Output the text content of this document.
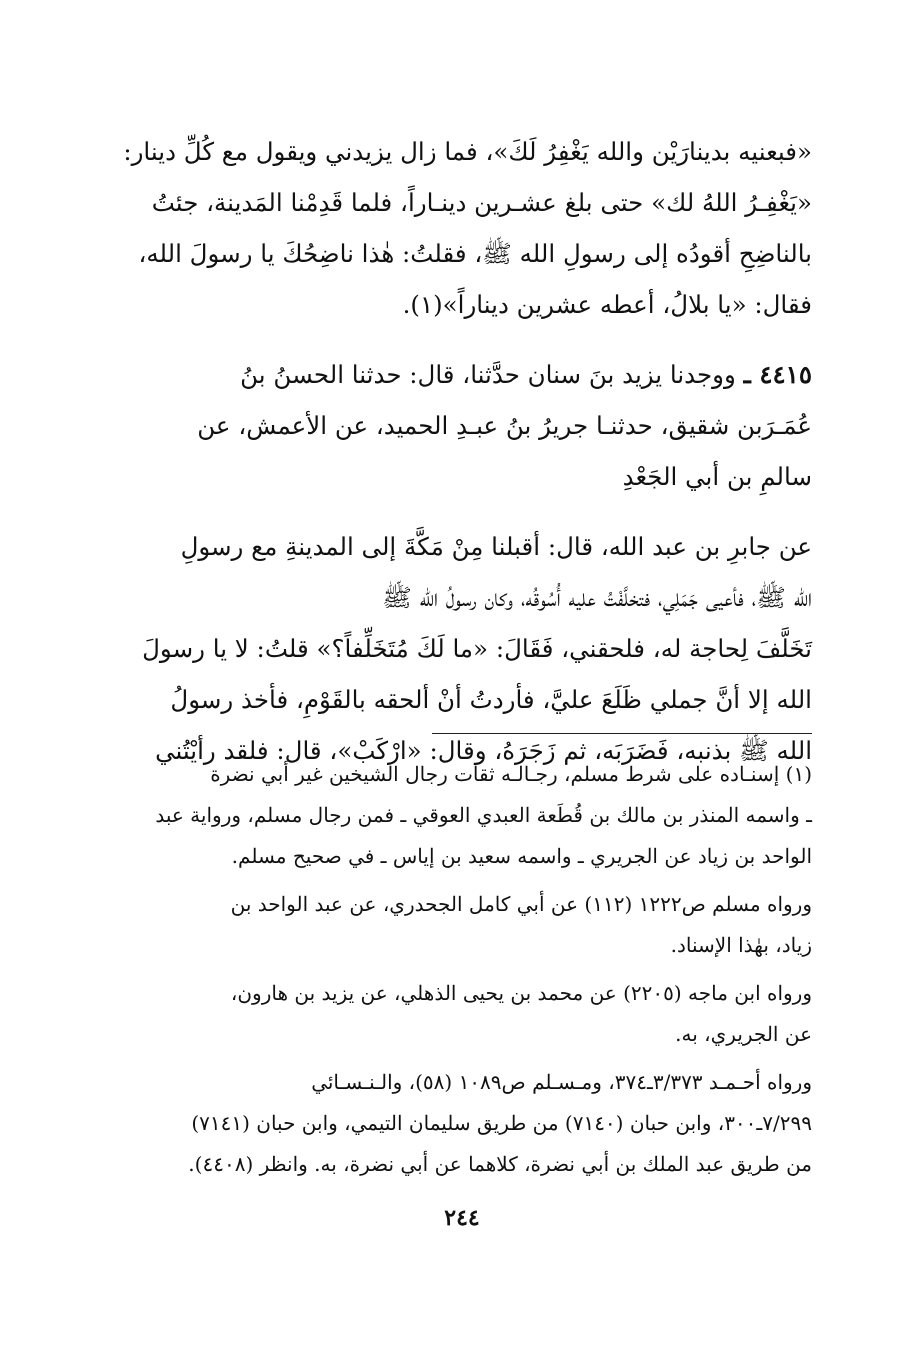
«فبعنيه بدينارَيْن والله يَغْفِرُ لَكَ»، فما زال يزيدني ويقول مع كُلِّ دينار:
«يَغْفِـرُ اللهُ لك» حتى بلغ عشـرين دينـاراً، فلما قَدِمْنا المَدينة، جئتُ
بالناضِحِ أقودُه إلى رسولِ الله ﷺ، فقلتُ: هٰذا ناضِحُكَ يا رسولَ الله،
فقال: «يا بلالُ، أعطه عشرين ديناراً»(١).

٤٤١٥ ـ ووجدنا يزيد بنَ سنان حدَّثنا، قال: حدثنا الحسنُ بنُ
عُمَـرَبن شقيق، حدثنـا جريرُ بنُ عبـدِ الحميد، عن الأعمش، عن
سالمِ بن أبي الجَعْدِ

عن جابرِ بن عبد الله، قال: أقبلنا مِنْ مَكَّةَ إلى المدينةِ مع رسولِ
الله ﷺ، فأعيى جَمَلِي، فتخلَّفْتُ عليه أُسُوقُه، وكان رسولُ الله ﷺ
تَخَلَّفَ لِحاجة له، فلحقني، فَقَالَ: «ما لَكَ مُتَخَلِّفاً؟» قلتُ: لا يا رسولَ
الله إلا أنَّ جملي ظَلَعَ عليَّ، فأردتُ أنْ ألحقه بالقَوْمِ، فأخذ رسولُ
الله ﷺ بذنبه، فَضَرَبَه، ثم زَجَرَهُ، وقال: «ارْكَبْ»، قال: فلقد رأيْتُني

(١) إسنـاده على شرط مسلم، رجـالـه ثقات رجال الشيخين غير أبي نضرة
ـ واسمه المنذر بن مالك بن قُطَعة العبدي العوقي ـ فمن رجال مسلم، ورواية عبد
الواحد بن زياد عن الجريري ـ واسمه سعيد بن إياس ـ في صحيح مسلم.

ورواه مسلم ص١٢٢٢ (١١٢) عن أبي كامل الجحدري، عن عبد الواحد بن
زياد، بهٰذا الإسناد.

ورواه ابن ماجه (٢٢٠٥) عن محمد بن يحيى الذهلي، عن يزيد بن هارون،
عن الجريري، به.

ورواه أحـمـد ٣/٣٧٣ـ٣٧٤، ومـسـلم ص١٠٨٩ (٥٨)، والـنـسـائي
٧/٢٩٩ـ٣٠٠، وابن حبان (٧١٤٠) من طريق سليمان التيمي، وابن حبان (٧١٤١)
من طريق عبد الملك بن أبي نضرة، كلاهما عن أبي نضرة، به. وانظر (٤٤٠٨).

٢٤٤
